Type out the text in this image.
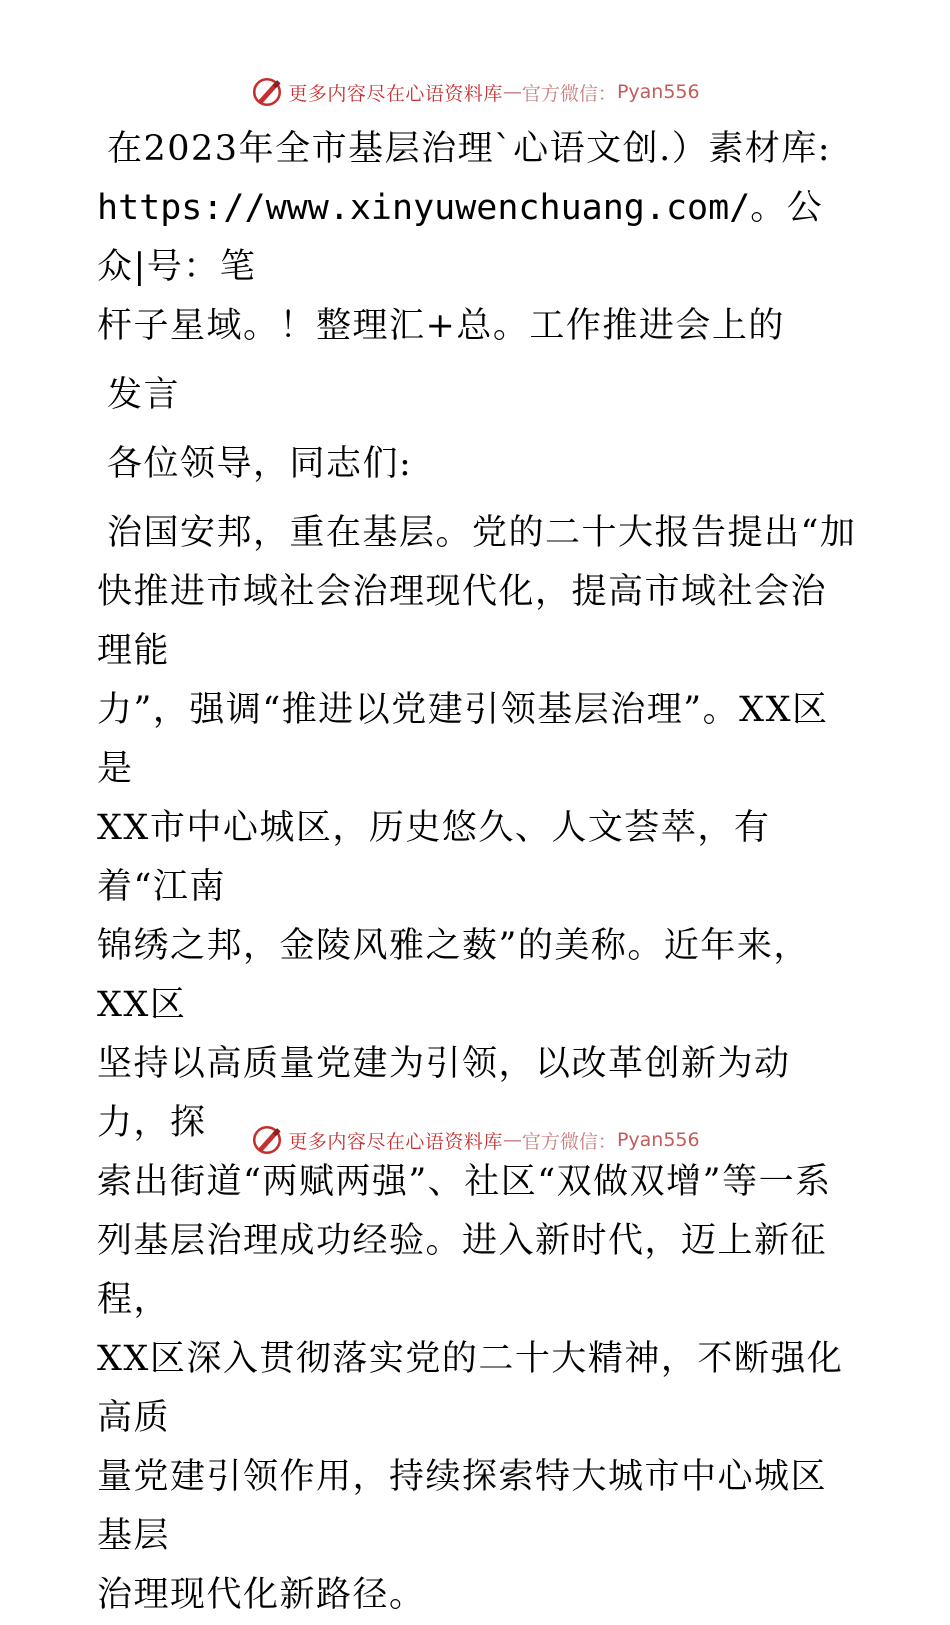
更多内容尽在心语资料库 — 官方微信： Pyan556

在2023年全市基层治理`心语文创.）素材库:

https://www.xinyuwenchuang.com/。公众|号：笔

杆子星域。！整理汇+总。工作推进会上的

发言

各位领导，同志们:

治国安邦，重在基层。党的二十大报告提出“加

快推进市域社会治理现代化，提高市域社会治理能

力”，强调“推进以党建引领基层治理”。XX区是

XX市中心城区，历史悠久、人文荟萃，有着“江南

锦绣之邦，金陵风雅之薮”的美称。近年来，XX区

坚持以高质量党建为引领，以改革创新为动力，探

索出街道“两赋两强”、社区“双做双增”等一系

列基层治理成功经验。进入新时代，迈上新征程，

XX区深入贯彻落实党的二十大精神，不断强化高质

量党建引领作用，持续探索特大城市中心城区基层

治理现代化新路径。

更多内容尽在心语资料库 — 官方微信： Pyan556
